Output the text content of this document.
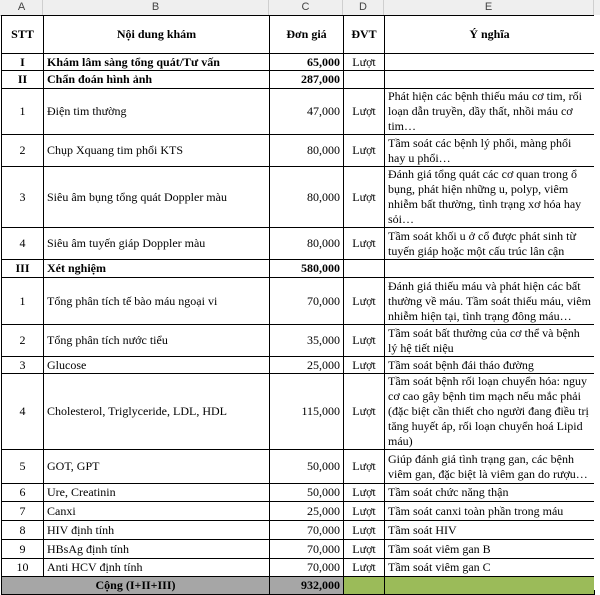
A	B	C	D	E
STT	Nội dung khám	Đơn giá	ĐVT	Ý nghĩa
I	Khám lâm sàng tổng quát/Tư vấn	65,000	Lượt	
II	Chẩn đoán hình ảnh	287,000		
1	Điện tim thường	47,000	Lượt	Phát hiện các bệnh thiếu máu cơ tim, rối loạn dẫn truyền, dầy thất, nhồi máu cơ tim…
2	Chụp Xquang tim phổi KTS	80,000	Lượt	Tầm soát các bệnh lý phổi, màng phổi hay u phổi…
3	Siêu âm bụng tổng quát Doppler màu	80,000	Lượt	Đánh giá tổng quát các cơ quan trong ổ bụng, phát hiện những u, polyp, viêm nhiễm bất thường, tình trạng xơ hóa hay sỏi…
4	Siêu âm tuyến giáp Doppler màu	80,000	Lượt	Tầm soát khối u ở cổ được phát sinh từ tuyến giáp hoặc một cấu trúc lân cận
III	Xét nghiệm	580,000		
1	Tổng phân tích tế bào máu ngoại vi	70,000	Lượt	Đánh giá thiếu máu và phát hiện các bất thường về máu. Tầm soát thiếu máu, viêm nhiễm hiện tại, tình trạng đông máu…
2	Tổng phân tích nước tiểu	35,000	Lượt	Tầm soát bất thường của cơ thể và bệnh lý hệ tiết niệu
3	Glucose	25,000	Lượt	Tầm soát bệnh đái tháo đường
4	Cholesterol, Triglyceride, LDL, HDL	115,000	Lượt	Tầm soát bệnh rối loạn chuyển hóa: nguy cơ cao gây bệnh tim mạch nếu mắc phải (đặc biệt cần thiết cho người đang điều trị tăng huyết áp, rối loạn chuyển hoá Lipid máu)
5	GOT, GPT	50,000	Lượt	Giúp đánh giá tình trạng gan, các bệnh viêm gan, đặc biệt là viêm gan do rượu…
6	Ure, Creatinin	50,000	Lượt	Tầm soát chức năng thận
7	Canxi	25,000	Lượt	Tầm soát canxi toàn phần trong máu
8	HIV định tính	70,000	Lượt	Tầm soát HIV
9	HBsAg định tính	70,000	Lượt	Tầm soát viêm gan B
10	Anti HCV định tính	70,000	Lượt	Tầm soát viêm gan C
Cộng (I+II+III)		932,000		
